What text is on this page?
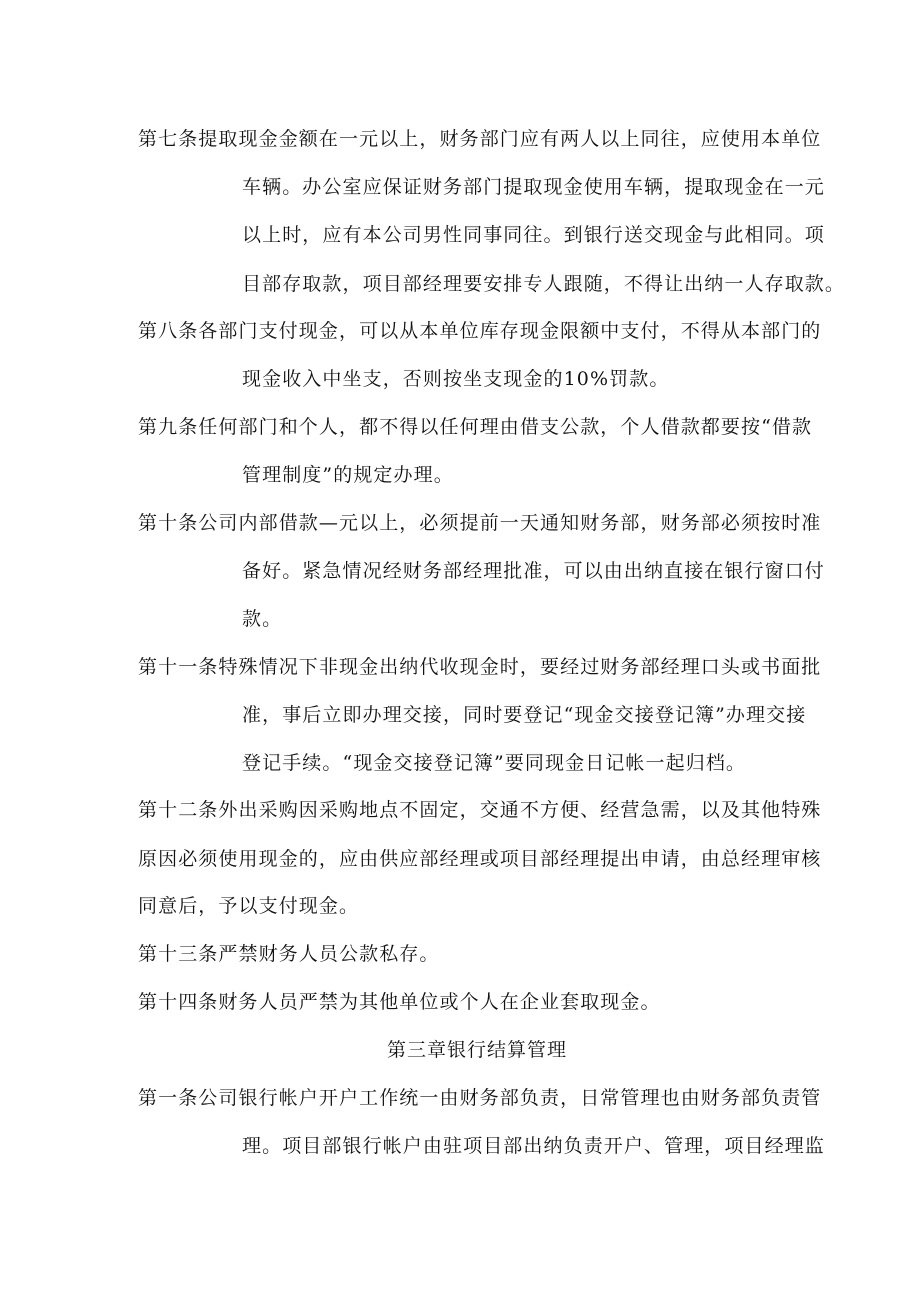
第七条提取现金金额在一元以上，财务部门应有两人以上同往，应使用本单位
车辆。办公室应保证财务部门提取现金使用车辆，提取现金在一元
以上时，应有本公司男性同事同往。到银行送交现金与此相同。项
目部存取款，项目部经理要安排专人跟随，不得让出纳一人存取款。
第八条各部门支付现金，可以从本单位库存现金限额中支付，不得从本部门的
现金收入中坐支，否则按坐支现金的10%罚款。
第九条任何部门和个人，都不得以任何理由借支公款，个人借款都要按“借款
管理制度”的规定办理。
第十条公司内部借款—元以上，必须提前一天通知财务部，财务部必须按时准
备好。紧急情况经财务部经理批准，可以由出纳直接在银行窗口付
款。
第十一条特殊情况下非现金出纳代收现金时，要经过财务部经理口头或书面批
准，事后立即办理交接，同时要登记“现金交接登记簿”办理交接
登记手续。“现金交接登记簿”要同现金日记帐一起归档。
第十二条外出采购因采购地点不固定，交通不方便、经营急需，以及其他特殊
原因必须使用现金的，应由供应部经理或项目部经理提出申请，由总经理审核
同意后，予以支付现金。
第十三条严禁财务人员公款私存。
第十四条财务人员严禁为其他单位或个人在企业套取现金。
第三章银行结算管理
第一条公司银行帐户开户工作统一由财务部负责，日常管理也由财务部负责管
理。项目部银行帐户由驻项目部出纳负责开户、管理，项目经理监
